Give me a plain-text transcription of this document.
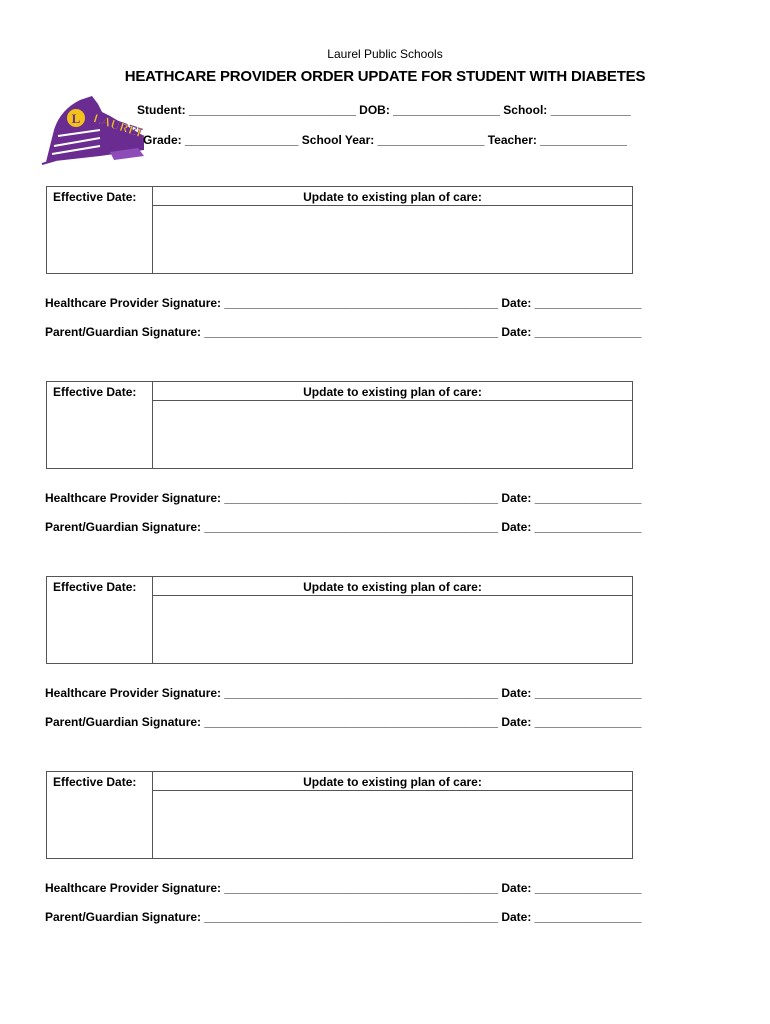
Laurel Public Schools
HEATHCARE PROVIDER ORDER UPDATE FOR STUDENT WITH DIABETES
L LAUREL
Student: _________________________ DOB: ________________ School: ____________
Grade: _________________ School Year: ________________ Teacher: _____________
Effective Date:	Update to existing plan of care:
Healthcare Provider Signature: _________________________________________ Date: ________________
Parent/Guardian Signature: ____________________________________________ Date: ________________
Effective Date:	Update to existing plan of care:
Healthcare Provider Signature: _________________________________________ Date: ________________
Parent/Guardian Signature: ____________________________________________ Date: ________________
Effective Date:	Update to existing plan of care:
Healthcare Provider Signature: _________________________________________ Date: ________________
Parent/Guardian Signature: ____________________________________________ Date: ________________
Effective Date:	Update to existing plan of care:
Healthcare Provider Signature: _________________________________________ Date: ________________
Parent/Guardian Signature: ____________________________________________ Date: ________________
